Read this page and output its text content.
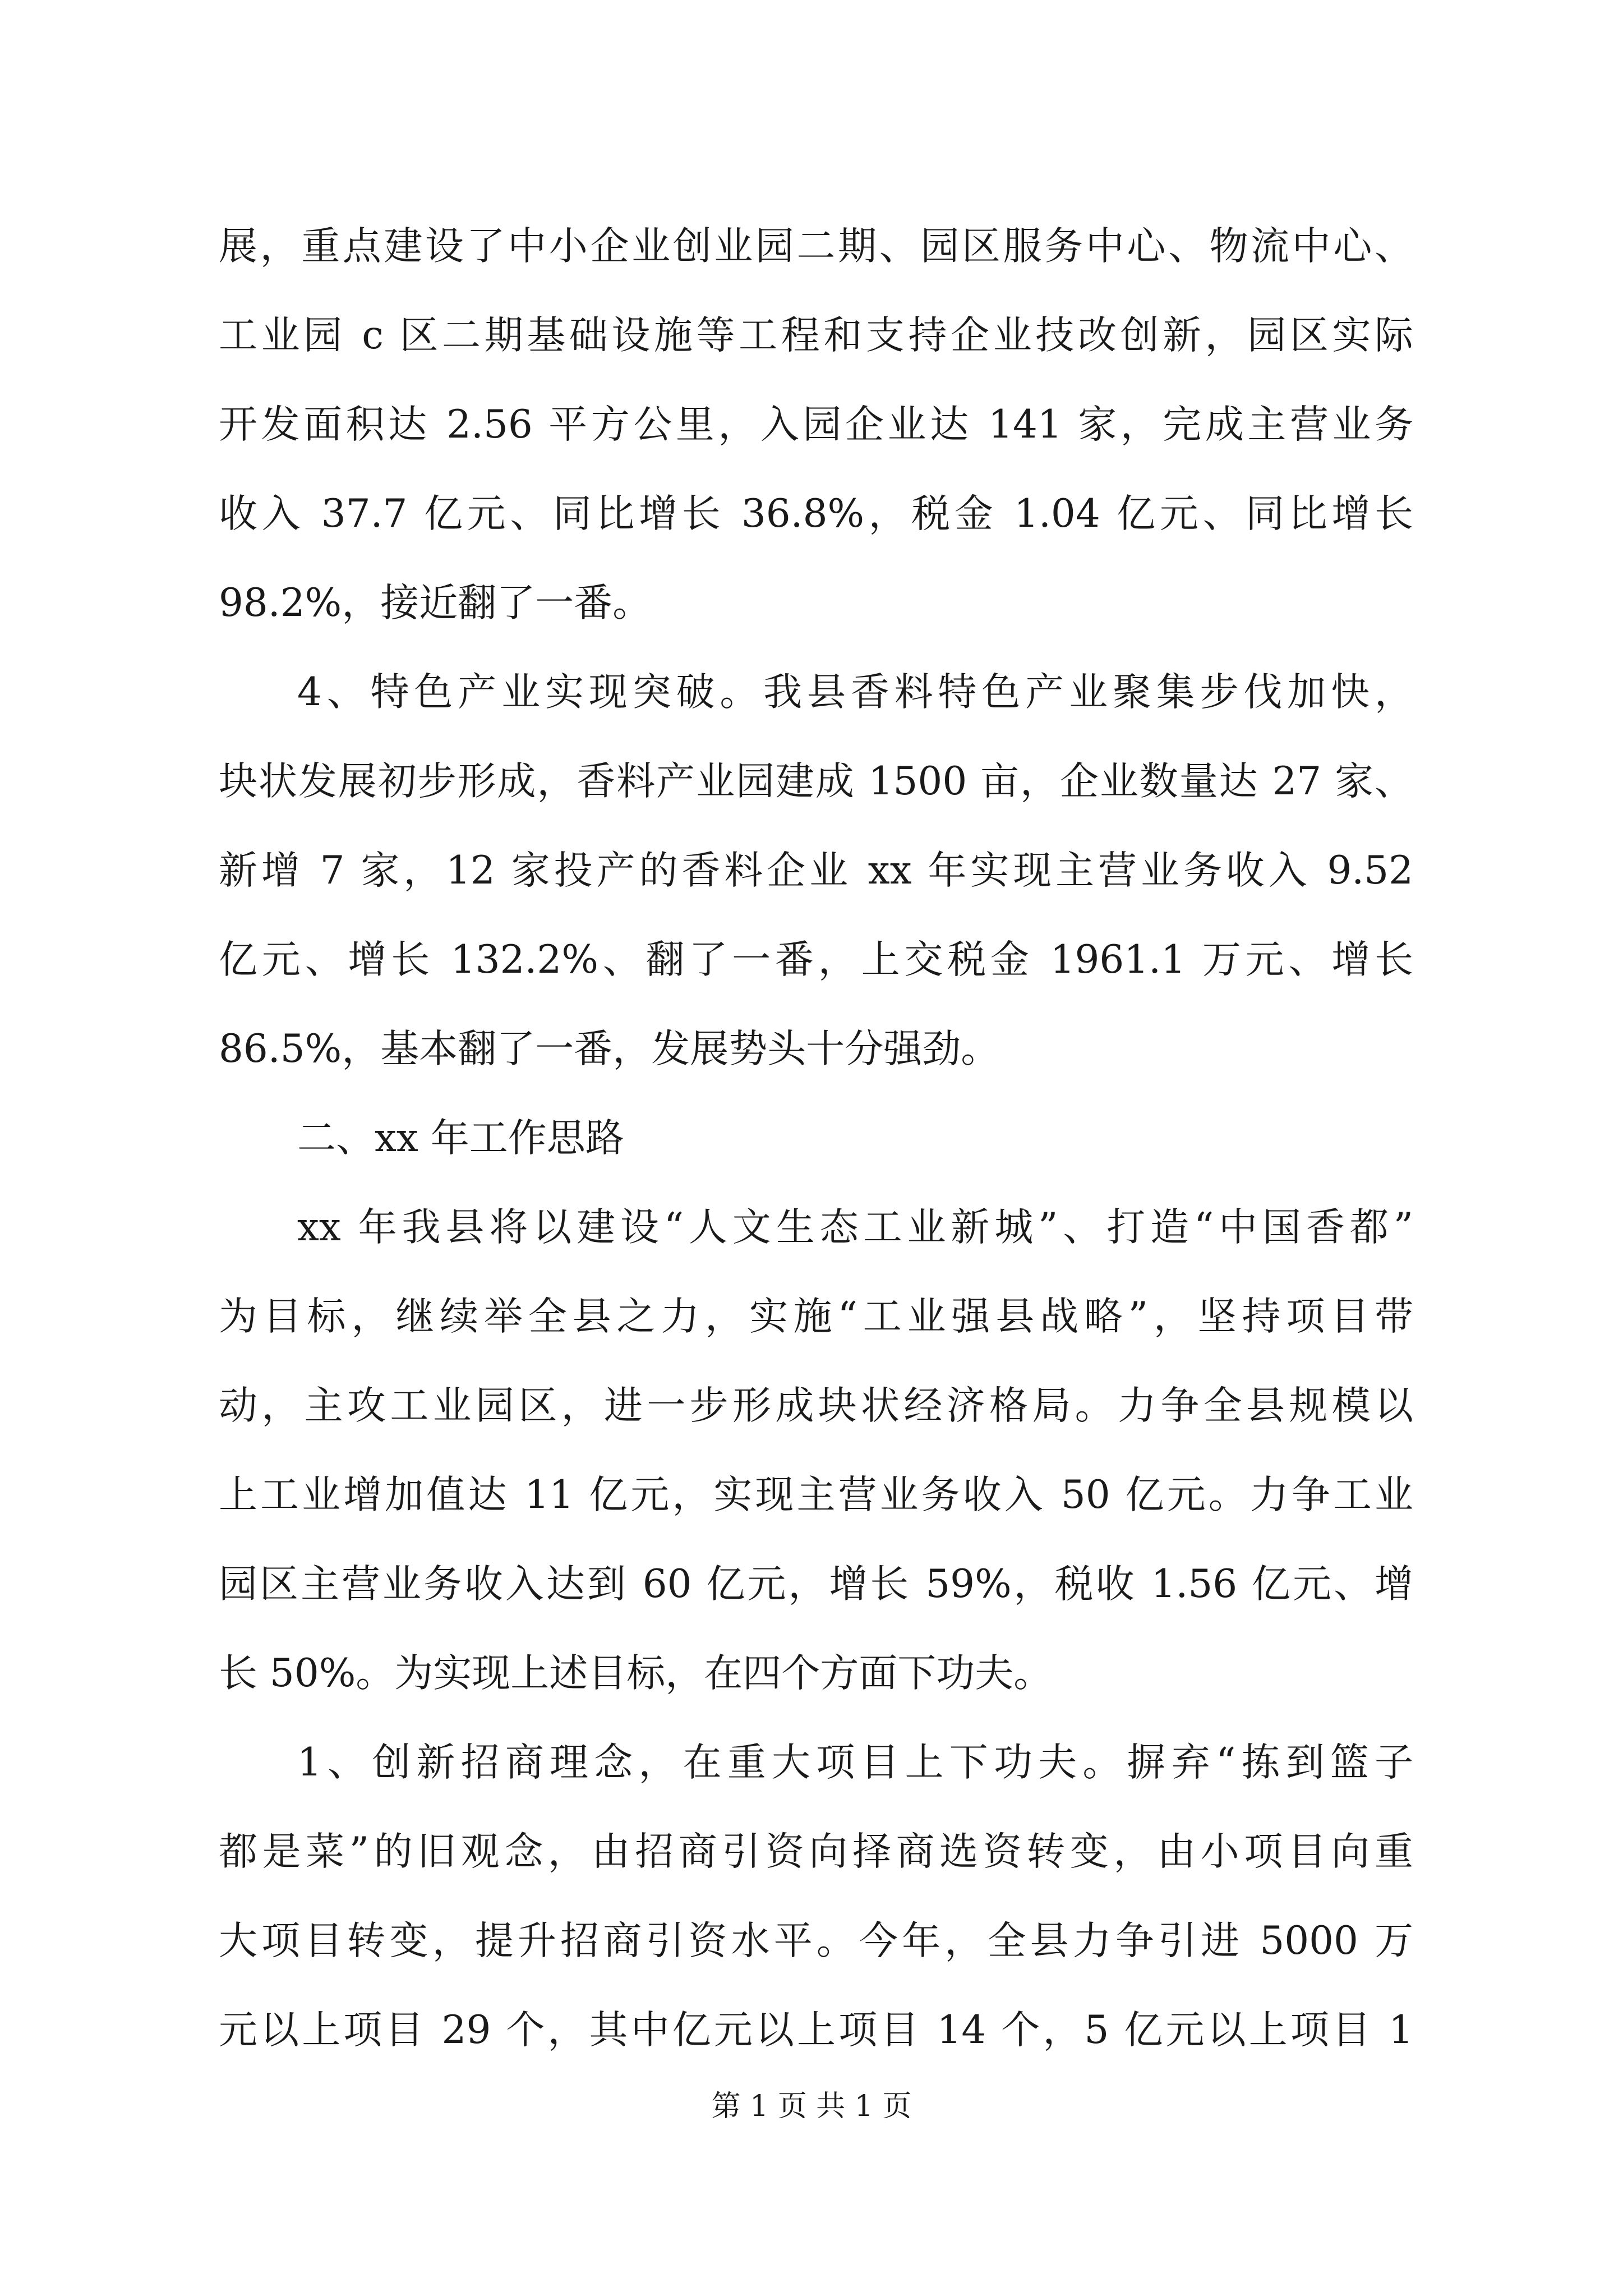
展，重点建设了中小企业创业园二期、园区服务中心、物流中心、
工业园 c 区二期基础设施等工程和支持企业技改创新，园区实际
开发面积达 2.56 平方公里，入园企业达 141 家，完成主营业务
收入 37.7 亿元、同比增长 36.8%，税金 1.04 亿元、同比增长
98.2%，接近翻了一番。
4、特色产业实现突破。我县香料特色产业聚集步伐加快，
块状发展初步形成，香料产业园建成 1500 亩，企业数量达 27 家、
新增 7 家，12 家投产的香料企业 xx 年实现主营业务收入 9.52
亿元、增长 132.2%、翻了一番，上交税金 1961.1 万元、增长
86.5%，基本翻了一番，发展势头十分强劲。
二、xx 年工作思路
xx 年我县将以建设“人文生态工业新城”、打造“中国香都”
为目标，继续举全县之力，实施“工业强县战略”，坚持项目带
动，主攻工业园区，进一步形成块状经济格局。力争全县规模以
上工业增加值达 11 亿元，实现主营业务收入 50 亿元。力争工业
园区主营业务收入达到 60 亿元，增长 59%，税收 1.56 亿元、增
长 50%。为实现上述目标，在四个方面下功夫。
1、创新招商理念，在重大项目上下功夫。摒弃“拣到篮子
都是菜”的旧观念，由招商引资向择商选资转变，由小项目向重
大项目转变，提升招商引资水平。今年，全县力争引进 5000 万
元以上项目 29 个，其中亿元以上项目 14 个，5 亿元以上项目 1
第 1 页 共 1 页
